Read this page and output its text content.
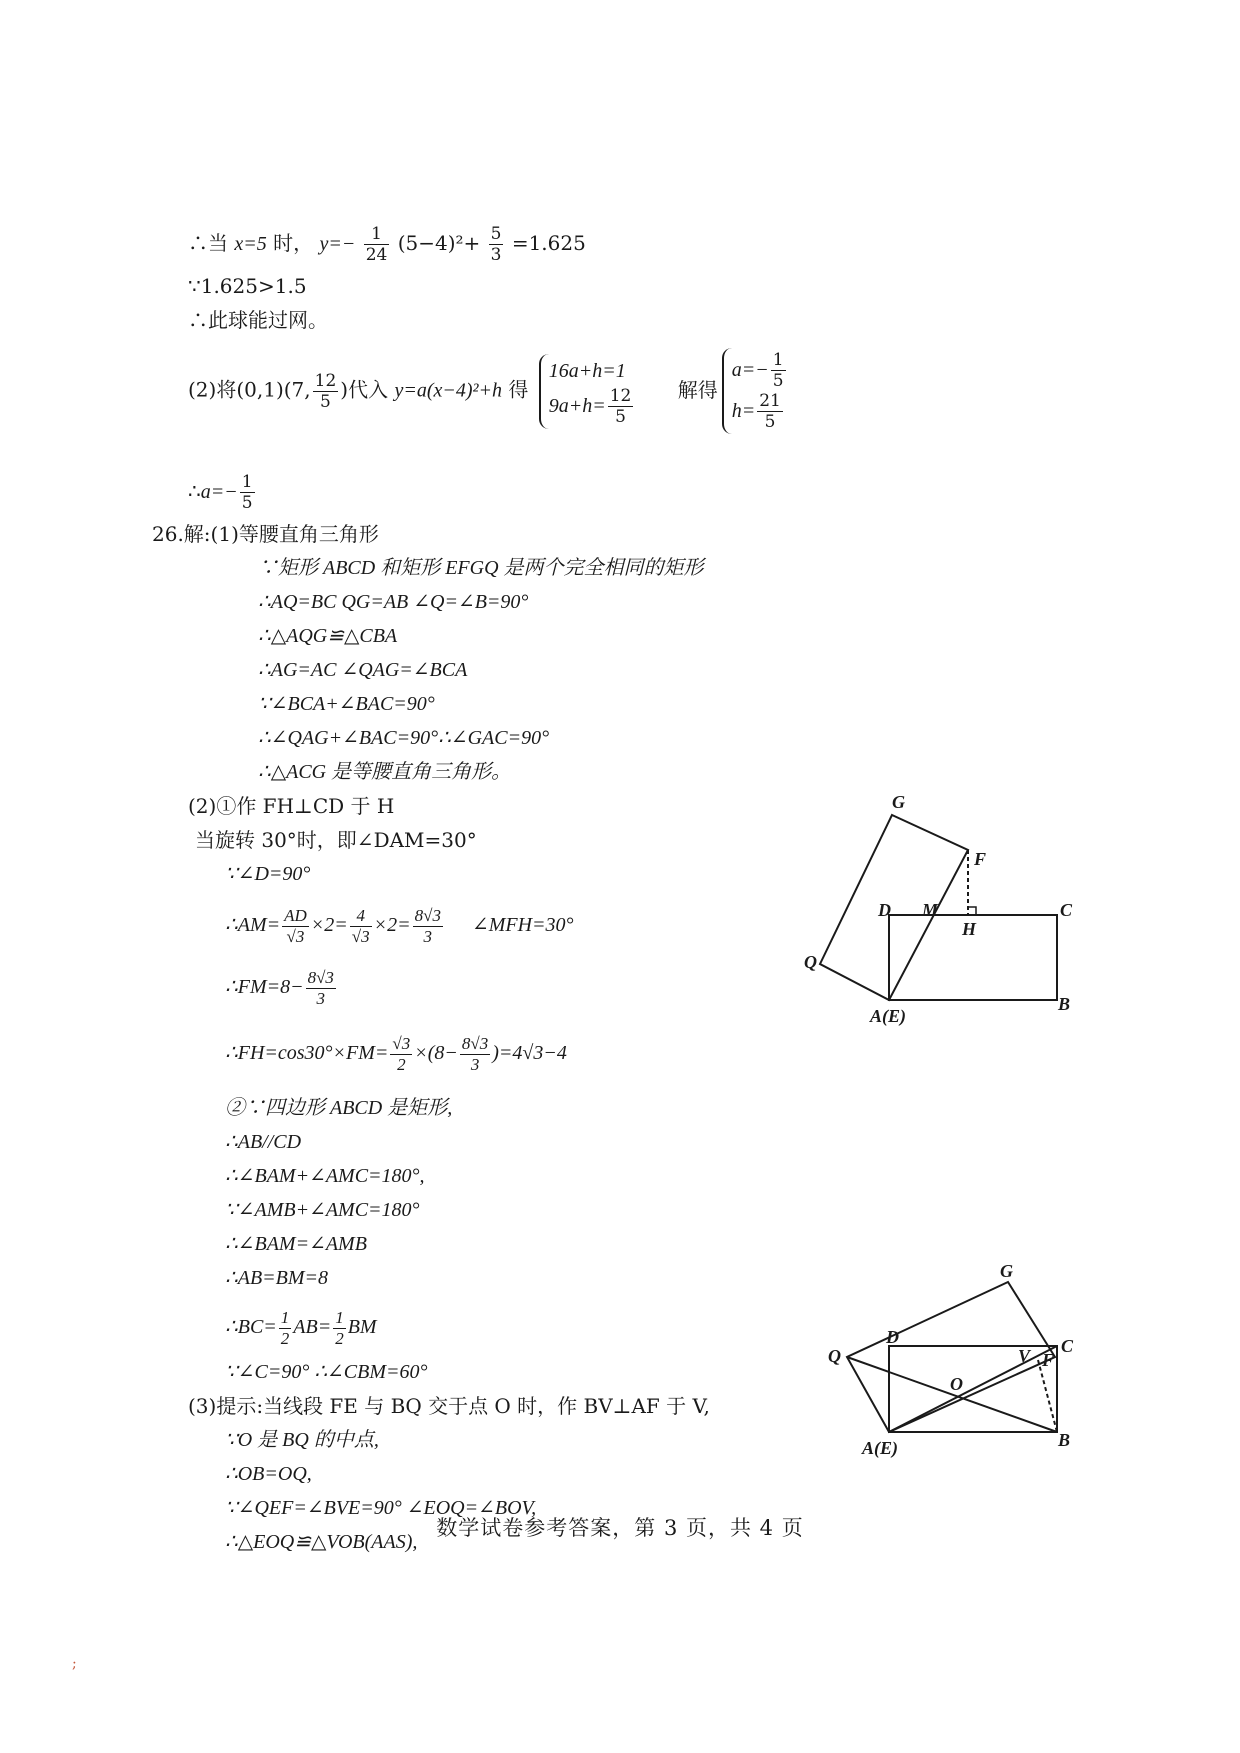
∴当 x=5 时， $y=- \frac{1}{24} (5-4)^2+ \frac{5}{3} =1.625$
∵1.625>1.5
∴此球能过网。
(2)将(0,1)(7, $\frac{12}{5}$ )代入 y=a(x−4)²+h 得
16a+h=1
$9a+h= \frac{12}{5}$ 解得
$a=- \frac{1}{5}$
$h= \frac{21}{5}$
∴a=− $\frac{1}{5}$
26.解:(1)等腰直角三角形
∵矩形 ABCD 和矩形 EFGQ 是两个完全相同的矩形
∴AQ=BC QG=AB ∠Q=∠B=90°
∴△AQG≌△CBA
∴AG=AC ∠QAG=∠BCA
∵∠BCA+∠BAC=90°
∴∠QAG+∠BAC=90°∴∠GAC=90°
∴△ACG 是等腰直角三角形。
(2)①作 FH⊥CD 于 H
当旋转 30°时，即∠DAM=30°
∵∠D=90°
∴AM= $\frac{AD}{√3} \times 2= \frac{4}{√3} \times 2= \frac{8√3}{3}$ ∠MFH=30°
∴FM=8− $\frac{8√3}{3}$
∴FH=cos30°×FM= $\frac{√3}{2} \times(8- \frac{8√3}{3} )=4√3-4$
②∵四边形 ABCD 是矩形,
∴AB//CD
∴∠BAM+∠AMC=180°,
∵∠AMB+∠AMC=180°
∴∠BAM=∠AMB
∴AB=BM=8
∴BC= $\frac{1}{2} AB= \frac{1}{2}$ BM
∵∠C=90° ∴∠CBM=60°
(3)提示:当线段 FE 与 BQ 交于点 O 时，作 BV⊥AF 于 V,
∵O 是 BQ 的中点,
∴OB=OQ,
∵∠QEF=∠BVE=90° ∠EOQ=∠BOV,
∴△EOQ≌△VOB(AAS),
G
F
D M	C
H
Q
A(E)
B
G
Q
D	C
V F
O
A(E)	B
数学试卷参考答案，第 3 页，共 4 页
;
